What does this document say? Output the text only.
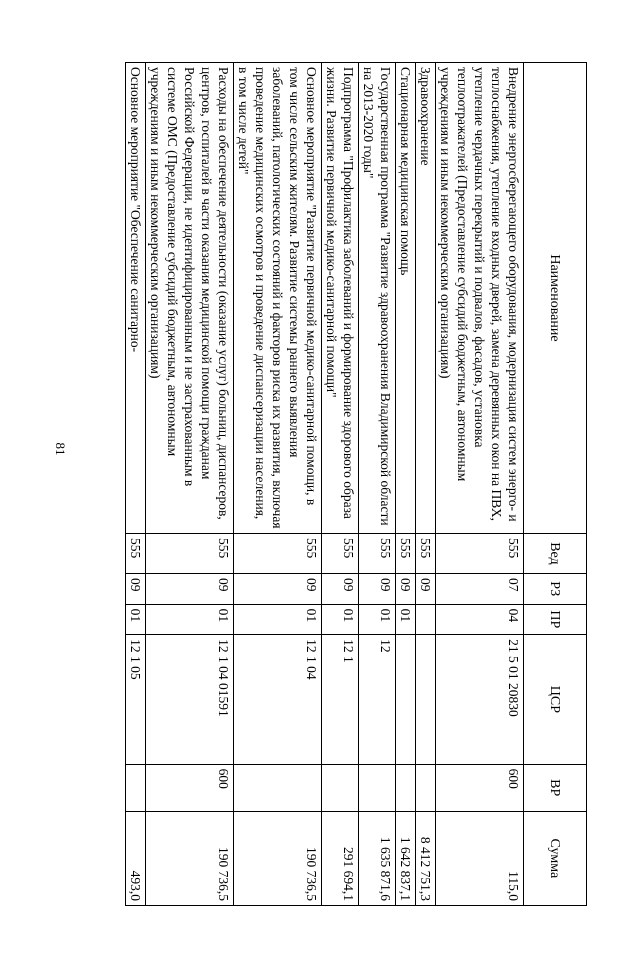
81
Наименование	Вед	РЗ	ПР	ЦСР	ВР	Сумма
Внедрение энергосберегающего оборудования, модернизация систем энерго- и теплоснабжения, утепление входных дверей, замена деревянных окон на ПВХ, утепление чердачных перекрытий и подвалов, фасадов, установка теплоотражателей (Предоставление субсидий бюджетным, автономным учреждениям и иным некоммерческим организациям)	555	07	04	21 5 01 20830	600	115,0
Здравоохранение	555	09				8 412 751,3
Стационарная медицинская помощь	555	09	01			1 642 837,1
Государственная программа "Развитие здравоохранения Владимирской области на 2013-2020 годы"	555	09	01	12		1 635 871,6
Подпрограмма "Профилактика заболеваний и формирование здорового образа жизни. Развитие первичной медико-санитарной помощи"	555	09	01	12 1		291 694,1
Основное мероприятие "Развитие первичной медико-санитарной помощи, в том числе сельским жителям. Развитие системы раннего выявления заболеваний, патологических состояний и факторов риска их развития, включая проведение медицинских осмотров и проведение диспансеризации населения, в том числе детей"	555	09	01	12 1 04		190 736,5
Расходы на обеспечение деятельности (оказание услуг) больниц, диспансеров, центров, госпиталей в части оказания медицинской помощи гражданам Российской Федерации, не идентифицированным и не застрахованным в системе ОМС (Предоставление субсидий бюджетным, автономным учреждениям и иным некоммерческим организациям)	555	09	01	12 1 04 01591	600	190 736,5
Основное мероприятие "Обеспечение санитарно-	555	09	01	12 1 05		493,0
